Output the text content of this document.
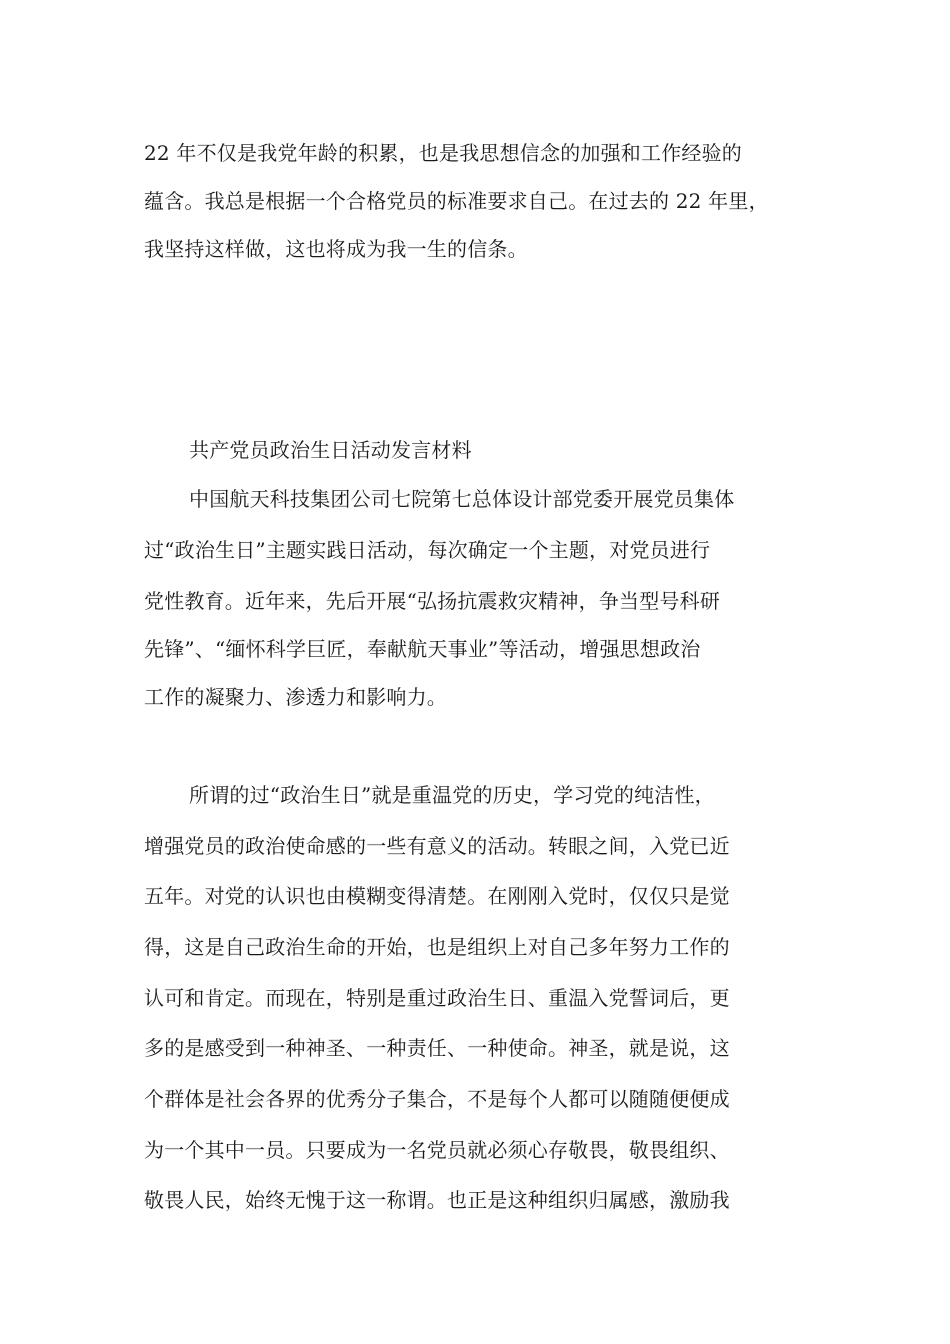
22 年不仅是我党年龄的积累，也是我思想信念的加强和工作经验的
蕴含。我总是根据一个合格党员的标准要求自己。在过去的 22 年里，
我坚持这样做，这也将成为我一生的信条。
共产党员政治生日活动发言材料
中国航天科技集团公司七院第七总体设计部党委开展党员集体
过“政治生日”主题实践日活动，每次确定一个主题，对党员进行
党性教育。近年来，先后开展“弘扬抗震救灾精神，争当型号科研
先锋”、“缅怀科学巨匠，奉献航天事业”等活动，增强思想政治
工作的凝聚力、渗透力和影响力。
所谓的过“政治生日”就是重温党的历史，学习党的纯洁性，
增强党员的政治使命感的一些有意义的活动。转眼之间，入党已近
五年。对党的认识也由模糊变得清楚。在刚刚入党时，仅仅只是觉
得，这是自己政治生命的开始，也是组织上对自己多年努力工作的
认可和肯定。而现在，特别是重过政治生日、重温入党誓词后，更
多的是感受到一种神圣、一种责任、一种使命。神圣，就是说，这
个群体是社会各界的优秀分子集合，不是每个人都可以随随便便成
为一个其中一员。只要成为一名党员就必须心存敬畏，敬畏组织、
敬畏人民，始终无愧于这一称谓。也正是这种组织归属感，激励我
